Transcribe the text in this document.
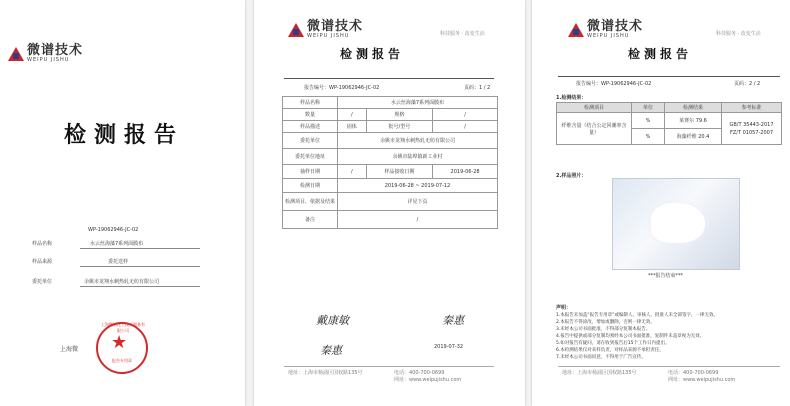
微谱技术
WEIPU JISHU
检测报告
WP-19062946-JC-02
样品名称	水云丝海藻7系列面膜布
样品来源	委托送样
委托单位	余姚市龙翔水刺热轧无纺有限公司
上海微
上海微谱化工技术服务有限公司
★
报告专用章
微谱技术
WEIPU JISHU	科技服务 · 改变生活
检测报告
报告编号：WP-19062946-JC-02	页码：1 / 2
样品名称	水云丝海藻7系列面膜布		
数量	/	规格	/
样品描述	固体	批号/型号	/
委托单位	余姚市龙翔水刺热轧无纺有限公司		
委托单位地址	余姚市陆埠镇新工业村		
抽样日期	/	样品接收日期	2019-06-28
检测日期	2019-06-28 ~ 2019-07-12		
检测项目、依据及结果	详见下页		
备注	/		
戴康敏	秦惠
秦惠	2019-07-32
地址：上海市杨浦区国权路135号	电话：400-700-0699
网址：www.weipujishu.com
微谱技术
WEIPU JISHU	科技服务 · 改变生活
检测报告
报告编号：WP-19062946-JC-02	页码：2 / 2
1.检测结果：
检测项目	单位	检测结果	参考标准
纤维含量（结合公定回潮率含量）	%	莱赛尔 79.6	GB/T 35443-2017
FZ/T 01057-2007
	%	海藻纤维 20.4	
2.样品照片：
***报告结束***
声明：
1.本报告未加盖“报告专用章”或编制人、审核人、批准人未全部签字，一律无效。
2.本报告不得涂改，增加或删除，否则一律无效。
3.未经本公司书面批准，不得部分复制本报告。
4.报告中提供或部分复制均须经本公司书面批准，复制件未盖章视为无效。
5.如对报告有疑问，请在收到报告后15个工作日内提出。
6.本检测结果仅对来样负责，对样品来源不承担责任。
7.未经本公司书面同意，不得用于广告宣传。
地址：上海市杨浦区国权路135号	电话：400-700-0699
网址：www.weipujishu.com
